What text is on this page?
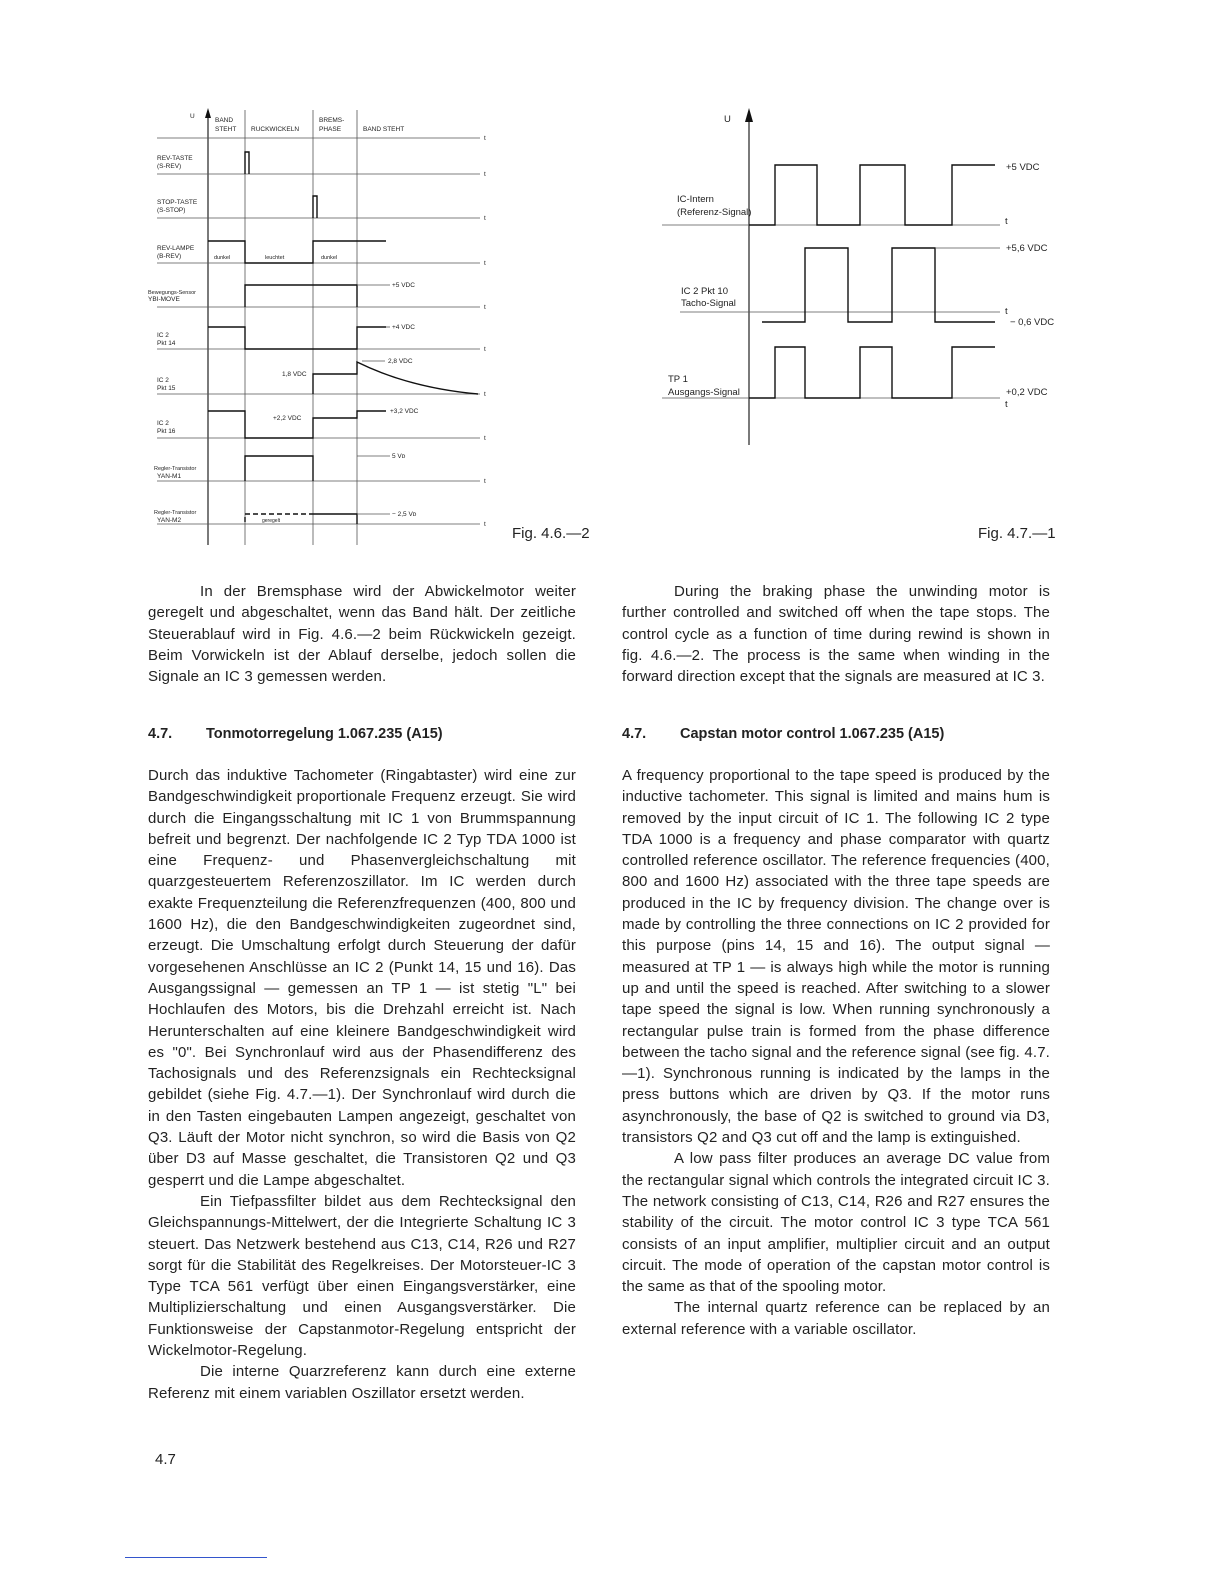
U
BAND
STEHT RUCKWICKELN
BREMS-
PHASE	BAND STEHT
t
t
t
t
t
t
t
t
t
t
REV-TASTE
(S-REV)
STOP-TASTE
(S-STOP)
REV-LAMPE
(B-REV)
Bewegungs-Sensor
YBI-MOVE
IC 2
Pkt 14
IC 2
Pkt 15
IC 2
Pkt 16
Regler-Transistor
YAN-M1
Regler-Transistor
YAN-M2
dunkel	leuchtet	dunkel
+5 VDC
+4 VDC
2,8 VDC
1,8 VDC
+2,2 VDC
+3,2 VDC
5 Vᴅ
− 2,5 Vᴅ
geregelt
U
t
t
t
IC-Intern
(Referenz-Signal)
IC 2 Pkt 10
Tacho-Signal
TP 1
Ausgangs-Signal
+5 VDC
+5,6 VDC
− 0,6 VDC
+0,2 VDC
Fig. 4.6.—2	Fig. 4.7.—1

In der Bremsphase wird der Abwickelmotor weiter geregelt und abgeschaltet, wenn das Band hält. Der zeitliche Steuerablauf wird in Fig. 4.6.—2 beim Rückwickeln gezeigt. Beim Vorwickeln ist der Ablauf derselbe, jedoch sollen die Signale an IC 3 gemessen werden.

During the braking phase the unwinding motor is further controlled and switched off when the tape stops. The control cycle as a function of time during rewind is shown in fig. 4.6.—2. The process is the same when winding in the forward direction except that the signals are measured at IC 3.

4.7. Tonmotorregelung 1.067.235 (A15)	4.7. Capstan motor control 1.067.235 (A15)

Durch das induktive Tachometer (Ringabtaster) wird eine zur Bandgeschwindigkeit proportionale Frequenz erzeugt. Sie wird durch die Eingangsschaltung mit IC 1 von Brummspannung befreit und begrenzt. Der nachfolgende IC 2 Typ TDA 1000 ist eine Frequenz- und Phasenvergleichschaltung mit quarzgesteuertem Referenzoszillator. Im IC werden durch exakte Frequenzteilung die Referenzfrequenzen (400, 800 und 1600 Hz), die den Bandgeschwindigkeiten zugeordnet sind, erzeugt. Die Umschaltung erfolgt durch Steuerung der dafür vorgesehenen Anschlüsse an IC 2 (Punkt 14, 15 und 16). Das Ausgangssignal — gemessen an TP 1 — ist stetig "L" bei Hochlaufen des Motors, bis die Drehzahl erreicht ist. Nach Herunterschalten auf eine kleinere Bandgeschwindigkeit wird es "0". Bei Synchronlauf wird aus der Phasendifferenz des Tachosignals und des Referenzsignals ein Rechtecksignal gebildet (siehe Fig. 4.7.—1). Der Synchronlauf wird durch die in den Tasten eingebauten Lampen angezeigt, geschaltet von Q3. Läuft der Motor nicht synchron, so wird die Basis von Q2 über D3 auf Masse geschaltet, die Transistoren Q2 und Q3 gesperrt und die Lampe abgeschaltet.

Ein Tiefpassfilter bildet aus dem Rechtecksignal den Gleichspannungs-Mittelwert, der die Integrierte Schaltung IC 3 steuert. Das Netzwerk bestehend aus C13, C14, R26 und R27 sorgt für die Stabilität des Regelkreises. Der Motorsteuer-IC 3 Type TCA 561 verfügt über einen Eingangsverstärker, eine Multiplizierschaltung und einen Ausgangsverstärker. Die Funktionsweise der Capstanmotor-Regelung entspricht der Wickelmotor-Regelung.

Die interne Quarzreferenz kann durch eine externe Referenz mit einem variablen Oszillator ersetzt werden.

A frequency proportional to the tape speed is produced by the inductive tachometer. This signal is limited and mains hum is removed by the input circuit of IC 1. The following IC 2 type TDA 1000 is a frequency and phase comparator with quartz controlled reference oscillator. The reference frequencies (400, 800 and 1600 Hz) associated with the three tape speeds are produced in the IC by frequency division. The change over is made by controlling the three connections on IC 2 provided for this purpose (pins 14, 15 and 16). The output signal — measured at TP 1 — is always high while the motor is running up and until the speed is reached. After switching to a slower tape speed the signal is low. When running synchronously a rectangular pulse train is formed from the phase difference between the tacho signal and the reference signal (see fig. 4.7.—1). Synchronous running is indicated by the lamps in the press buttons which are driven by Q3. If the motor runs asynchronously, the base of Q2 is switched to ground via D3, transistors Q2 and Q3 cut off and the lamp is extinguished.

A low pass filter produces an average DC value from the rectangular signal which controls the integrated circuit IC 3. The network consisting of C13, C14, R26 and R27 ensures the stability of the circuit. The motor control IC 3 type TCA 561 consists of an input amplifier, multiplier circuit and an output circuit. The mode of operation of the capstan motor control is the same as that of the spooling motor.

The internal quartz reference can be replaced by an external reference with a variable oscillator.

4.7
